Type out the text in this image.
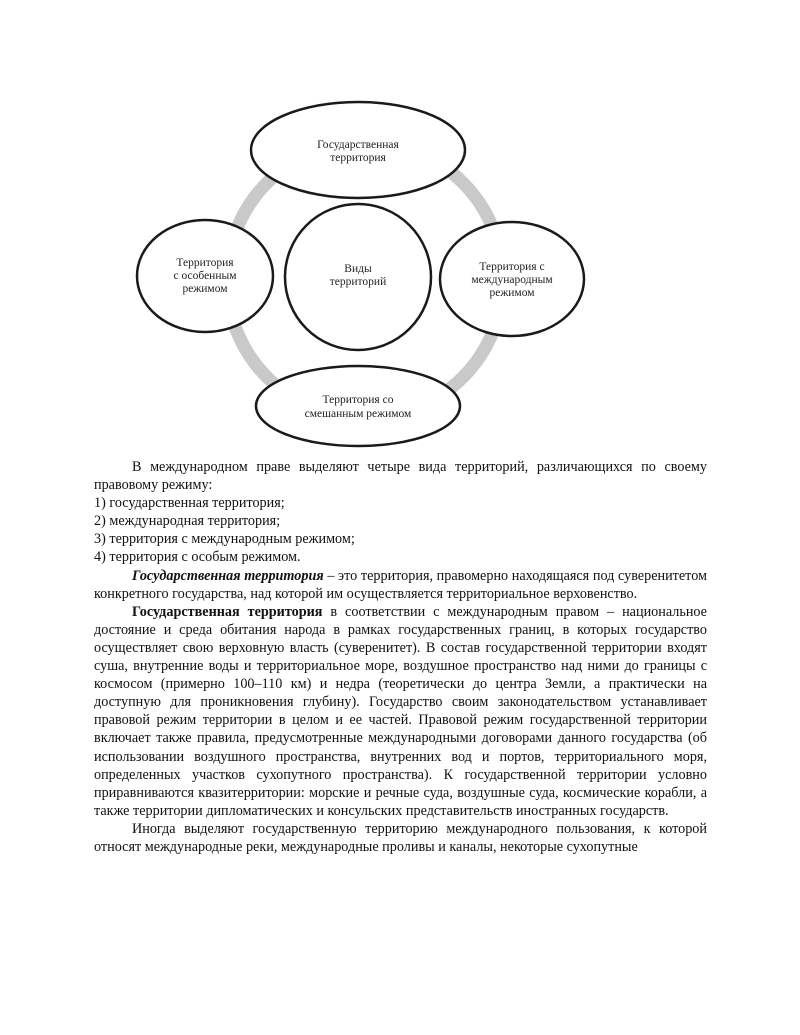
Государственная
территория
Территория с
международным
режимом
Территория со
смешанным режимом
Территория
с особенным
режимом
Виды
территорий

В международном праве выделяют четыре вида территорий, различающихся по своему правовому режиму:

1) государственная территория;
2) международная территория;
3) территория с международным режимом;
4) территория с особым режимом.

Государственная территория – это территория, правомерно находящаяся под суверенитетом конкретного государства, над которой им осуществляется территориальное верховенство.

Государственная территория в соответствии с международным правом – национальное достояние и среда обитания народа в рамках государственных границ, в которых государство осуществляет свою верховную власть (суверенитет). В состав государственной территории входят суша, внутренние воды и территориальное море, воздушное пространство над ними до границы с космосом (примерно 100–110 км) и недра (теоретически до центра Земли, а практически на доступную для проникновения глубину). Государство своим законодательством устанавливает правовой режим территории в целом и ее частей. Правовой режим государственной территории включает также правила, предусмотренные международными договорами данного государства (об использовании воздушного пространства, внутренних вод и портов, территориального моря, определенных участков сухопутного пространства). К государственной территории условно приравниваются квазитерритории: морские и речные суда, воздушные суда, космические корабли, а также территории дипломатических и консульских представительств иностранных государств.

Иногда выделяют государственную территорию международного пользования, к которой относят международные реки, международные проливы и каналы, некоторые сухопутные
